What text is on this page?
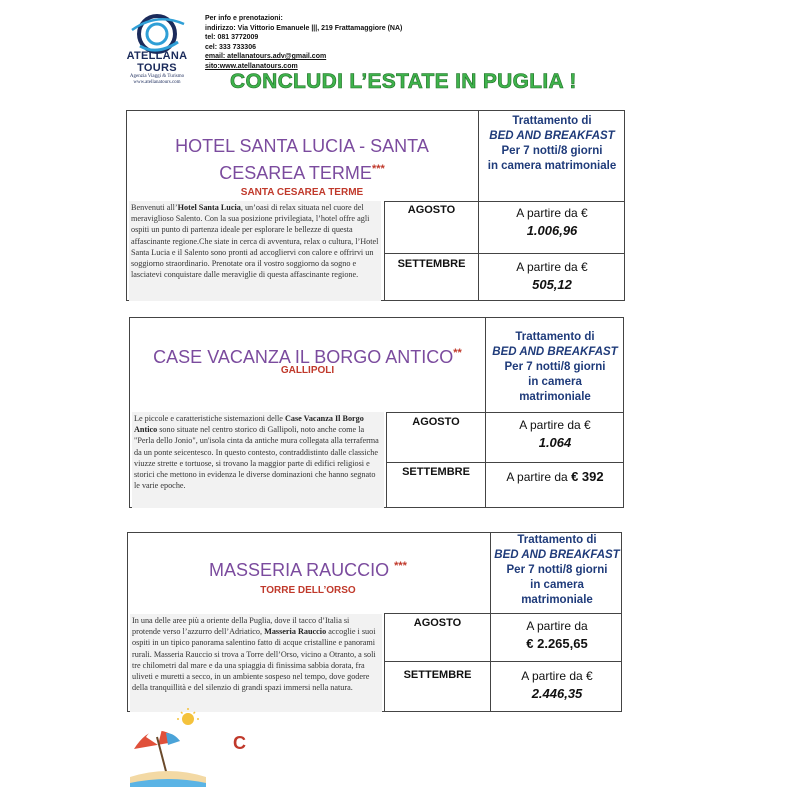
ATELLANA TOURS
Agenzia Viaggi & Turismo
www.atellanatours.com
Per info e prenotazioni:
indirizzo: Via Vittorio Emanuele |||, 219 Frattamaggiore (NA)
tel: 081 3772009
cel: 333 733306
email: atellanatours.adv@gmail.com
sito:www.atellanatours.com
CONCLUDI L’ESTATE IN PUGLIA !
HOTEL SANTA LUCIA - SANTA
CESAREA TERME***
SANTA CESAREA TERME
Trattamento di
BED AND BREAKFAST
Per 7 notti/8 giorni
in camera matrimoniale
Benvenuti all’Hotel Santa Lucia, un’oasi di relax situata nel cuore del meraviglioso Salento. Con la sua posizione privilegiata, l’hotel offre agli ospiti un punto di partenza ideale per esplorare le bellezze di questa affascinante regione.Che siate in cerca di avventura, relax o cultura, l’Hotel Santa Lucia e il Salento sono pronti ad accogliervi con calore e offrirvi un soggiorno straordinario. Prenotate ora il vostro soggiorno da sogno e lasciatevi conquistare dalle meraviglie di questa affascinante regione.
AGOSTO	A partire da €
1.006,96
SETTEMBRE	A partire da €
505,12
CASE VACANZA IL BORGO ANTICO**
GALLIPOLI
Trattamento di
BED AND BREAKFAST
Per 7 notti/8 giorni
in camera
matrimoniale
Le piccole e caratteristiche sistemazioni delle Case Vacanza Il Borgo Antico sono situate nel centro storico di Gallipoli, noto anche come la "Perla dello Jonio", un'isola cinta da antiche mura collegata alla terraferma da un ponte seicentesco. In questo contesto, contraddistinto dalle classiche viuzze strette e tortuose, si trovano la maggior parte di edifici religiosi e storici che mettono in evidenza le diverse dominazioni che hanno segnato le varie epoche.
AGOSTO	A partire da €
1.064
SETTEMBRE	A partire da € 392
MASSERIA RAUCCIO ***
TORRE DELL’ORSO
Trattamento di
BED AND BREAKFAST
Per 7 notti/8 giorni
in camera
matrimoniale
In una delle aree più a oriente della Puglia, dove il tacco d’Italia si protende verso l’azzurro dell’Adriatico, Masseria Rauccio accoglie i suoi ospiti in un tipico panorama salentino fatto di acque cristalline e panorami rurali. Masseria Rauccio si trova a Torre dell’Orso, vicino a Otranto, a soli tre chilometri dal mare e da una spiaggia di finissima sabbia dorata, fra uliveti e muretti a secco, in un ambiente sospeso nel tempo, dove godere della tranquillità e del silenzio di grandi spazi immersi nella natura.
AGOSTO	A partire da
€ 2.265,65
SETTEMBRE	A partire da €
2.446,35
C
